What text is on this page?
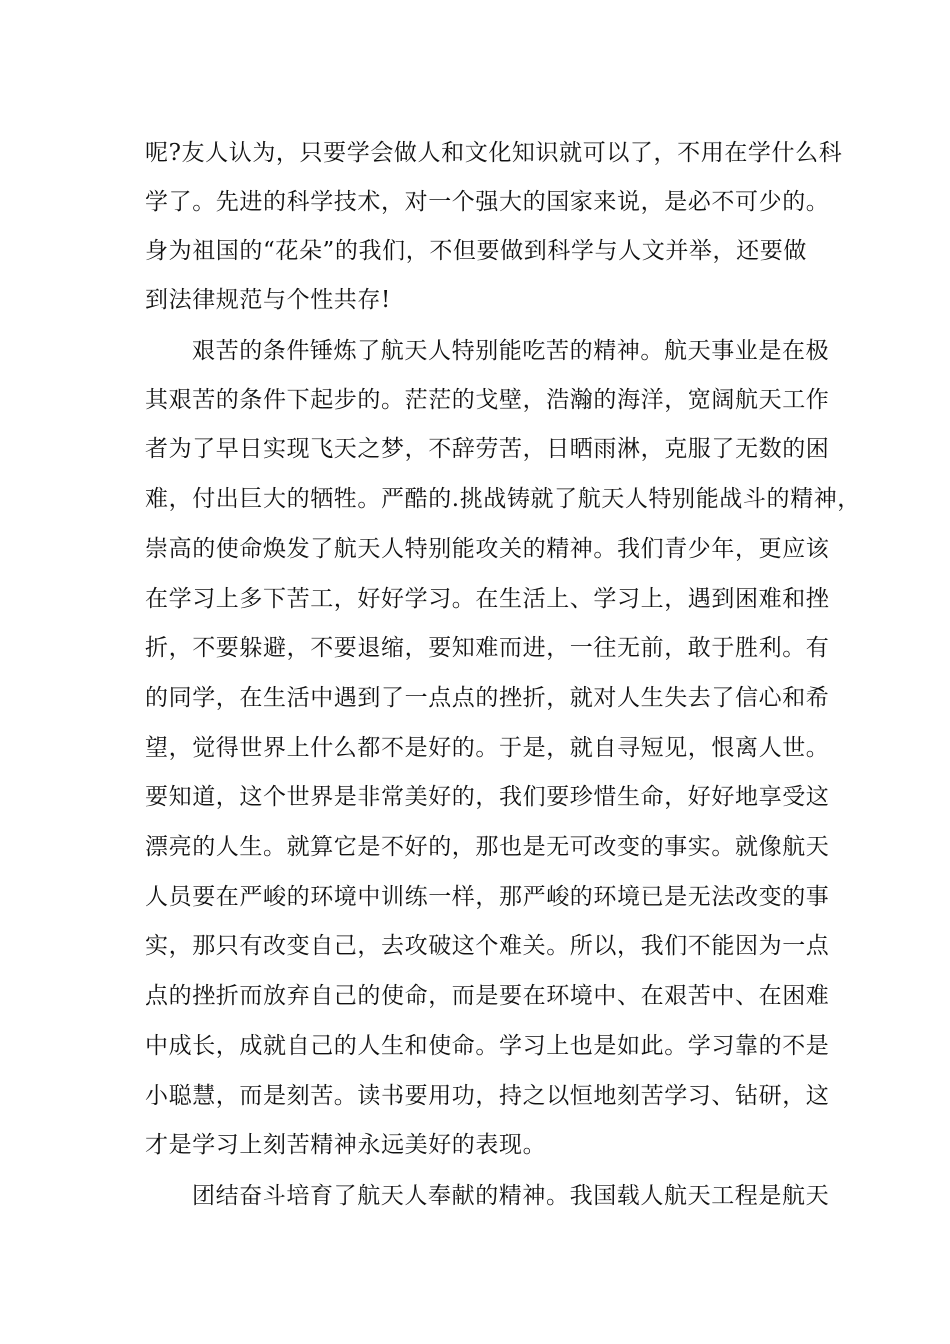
呢?友人认为，只要学会做人和文化知识就可以了，不用在学什么科
学了。先进的科学技术，对一个强大的国家来说，是必不可少的。
身为祖国的“花朵”的我们，不但要做到科学与人文并举，还要做
到法律规范与个性共存!
艰苦的条件锤炼了航天人特别能吃苦的精神。航天事业是在极
其艰苦的条件下起步的。茫茫的戈壁，浩瀚的海洋，宽阔航天工作
者为了早日实现飞天之梦，不辞劳苦，日晒雨淋，克服了无数的困
难，付出巨大的牺牲。严酷的.挑战铸就了航天人特别能战斗的精神，
崇高的使命焕发了航天人特别能攻关的精神。我们青少年，更应该
在学习上多下苦工，好好学习。在生活上、学习上，遇到困难和挫
折，不要躲避，不要退缩，要知难而进，一往无前，敢于胜利。有
的同学，在生活中遇到了一点点的挫折，就对人生失去了信心和希
望，觉得世界上什么都不是好的。于是，就自寻短见，恨离人世。
要知道，这个世界是非常美好的，我们要珍惜生命，好好地享受这
漂亮的人生。就算它是不好的，那也是无可改变的事实。就像航天
人员要在严峻的环境中训练一样，那严峻的环境已是无法改变的事
实，那只有改变自己，去攻破这个难关。所以，我们不能因为一点
点的挫折而放弃自己的使命，而是要在环境中、在艰苦中、在困难
中成长，成就自己的人生和使命。学习上也是如此。学习靠的不是
小聪慧，而是刻苦。读书要用功，持之以恒地刻苦学习、钻研，这
才是学习上刻苦精神永远美好的表现。
团结奋斗培育了航天人奉献的精神。我国载人航天工程是航天
